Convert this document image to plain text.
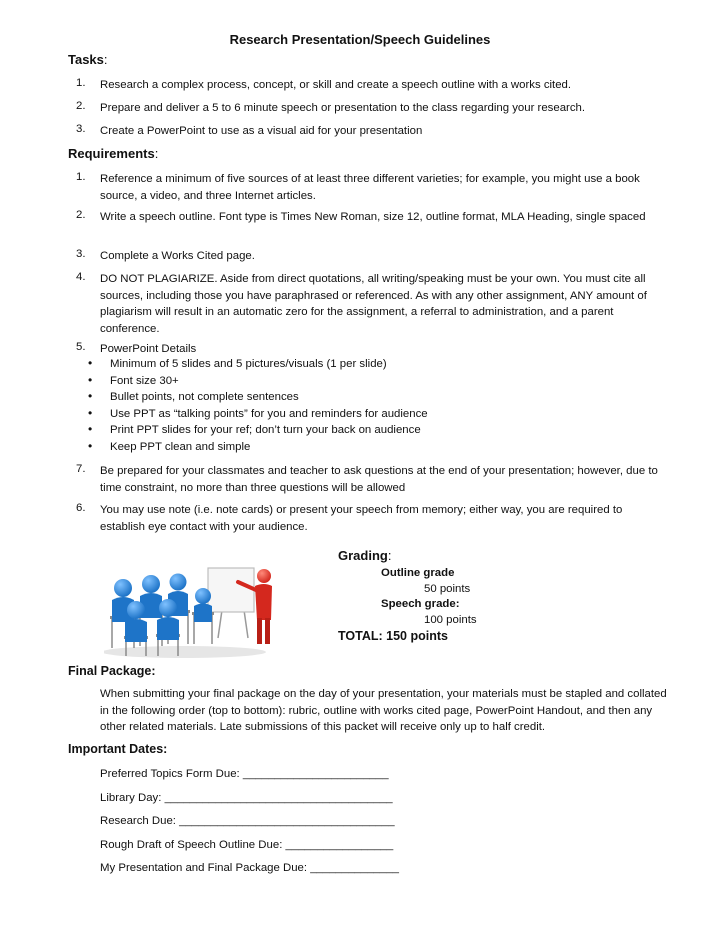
Research Presentation/Speech Guidelines
Tasks:
1. Research a complex process, concept, or skill and create a speech outline with a works cited.
2. Prepare and deliver a 5 to 6 minute speech or presentation to the class regarding your research.
3. Create a PowerPoint to use as a visual aid for your presentation
Requirements:
1. Reference a minimum of five sources of at least three different varieties; for example, you might use a book source, a video, and three Internet articles.
2. Write a speech outline. Font type is Times New Roman, size 12, outline format, MLA Heading, single spaced
3. Complete a Works Cited page.
4. DO NOT PLAGIARIZE. Aside from direct quotations, all writing/speaking must be your own. You must cite all sources, including those you have paraphrased or referenced. As with any other assignment, ANY amount of plagiarism will result in an automatic zero for the assignment, a referral to administration, and a parent conference.
5. PowerPoint Details
• Minimum of 5 slides and 5 pictures/visuals (1 per slide)
• Font size 30+
• Bullet points, not complete sentences
• Use PPT as “talking points” for you and reminders for audience
• Print PPT slides for your ref; don’t turn your back on audience
• Keep PPT clean and simple
7. Be prepared for your classmates and teacher to ask questions at the end of your presentation; however, due to time constraint, no more than three questions will be allowed
6. You may use note (i.e. note cards) or present your speech from memory; either way, you are required to establish eye contact with your audience.
Grading:
Outline grade
50 points
Speech grade:
100 points
TOTAL: 150 points
Final Package:
When submitting your final package on the day of your presentation, your materials must be stapled and collated in the following order (top to bottom): rubric, outline with works cited page, PowerPoint Handout, and then any other related materials. Late submissions of this packet will receive only up to half credit.
Important Dates:
Preferred Topics Form Due: _______________________
Library Day: ____________________________________
Research Due: __________________________________
Rough Draft of Speech Outline Due: _________________
My Presentation and Final Package Due: ______________
